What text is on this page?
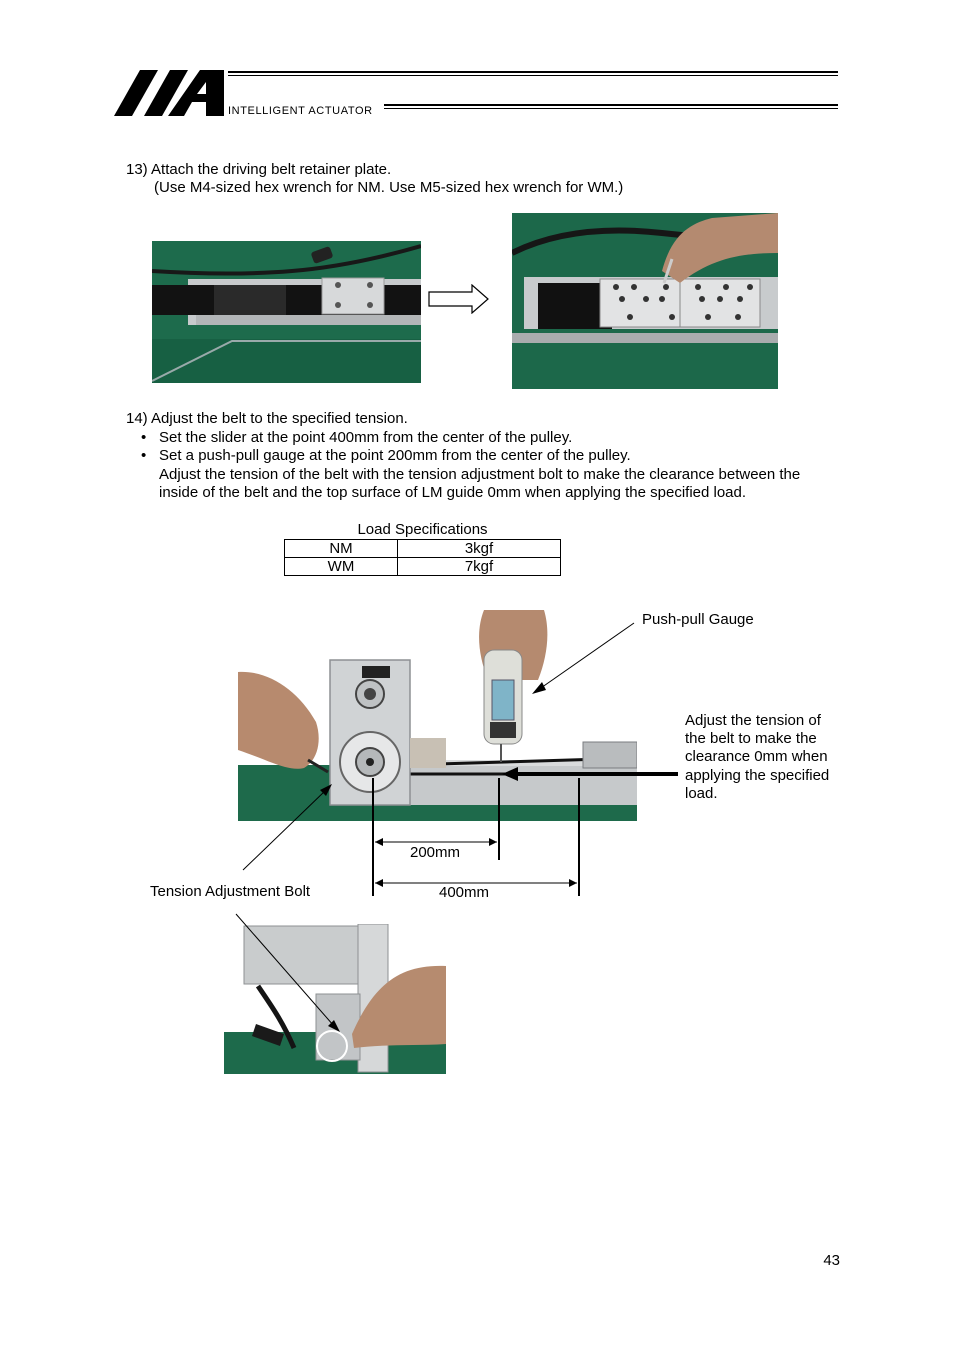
INTELLIGENT ACTUATOR
13) Attach the driving belt retainer plate.
(Use M4-sized hex wrench for NM. Use M5-sized hex wrench for WM.)
14) Adjust the belt to the specified tension.
• Set the slider at the point 400mm from the center of the pulley.
• Set a push-pull gauge at the point 200mm from the center of the pulley.
Adjust the tension of the belt with the tension adjustment bolt to make the clearance between the
inside of the belt and the top surface of LM guide 0mm when applying the specified load.
Load Specifications
NM	3kgf
WM	7kgf
Push-pull Gauge
Adjust the tension of
the belt to make the
clearance 0mm when
applying the specified
load.
200mm
400mm
Tension Adjustment Bolt
43
